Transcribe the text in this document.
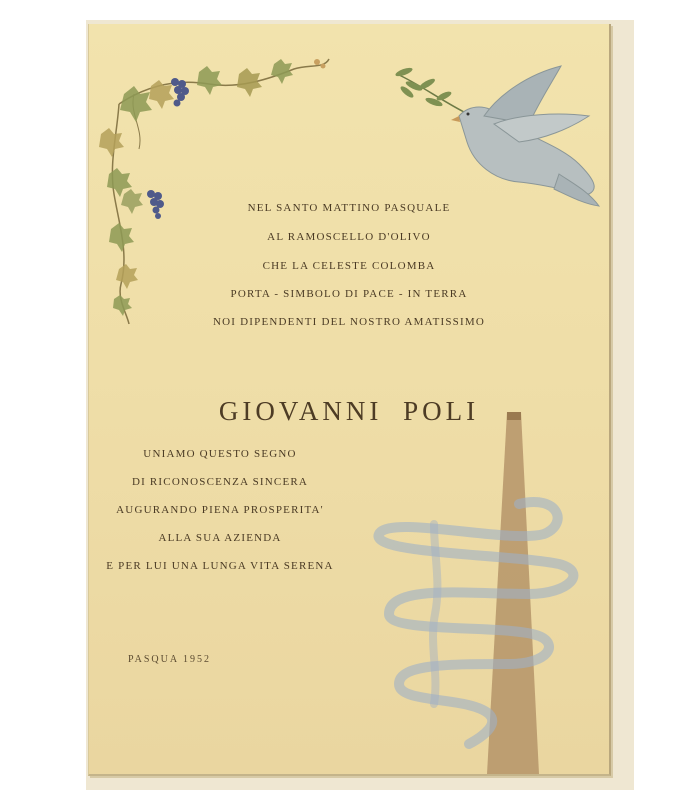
NEL SANTO MATTINO PASQUALE
AL RAMOSCELLO D'OLIVO
CHE LA CELESTE COLOMBA
PORTA - SIMBOLO DI PACE - IN TERRA
NOI DIPENDENTI DEL NOSTRO AMATISSIMO
GIOVANNI POLI
UNIAMO QUESTO SEGNO
DI RICONOSCENZA SINCERA
AUGURANDO PIENA PROSPERITA'
ALLA SUA AZIENDA
E PER LUI UNA LUNGA VITA SERENA
PASQUA 1952
